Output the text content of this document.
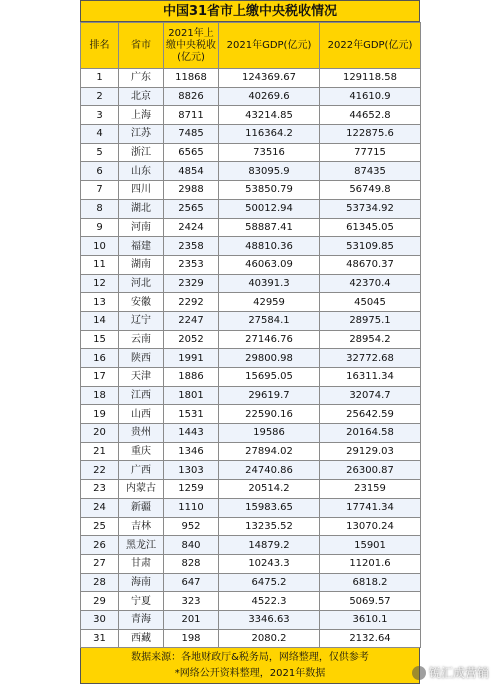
中国31省市上缴中央税收情况
排名	省市	2021年上缴中央税收(亿元)	2021年GDP(亿元)	2022年GDP(亿元)
1	广东	11868	124369.67	129118.58
2	北京	8826	40269.6	41610.9
3	上海	8711	43214.85	44652.8
4	江苏	7485	116364.2	122875.6
5	浙江	6565	73516	77715
6	山东	4854	83095.9	87435
7	四川	2988	53850.79	56749.8
8	湖北	2565	50012.94	53734.92
9	河南	2424	58887.41	61345.05
10	福建	2358	48810.36	53109.85
11	湖南	2353	46063.09	48670.37
12	河北	2329	40391.3	42370.4
13	安徽	2292	42959	45045
14	辽宁	2247	27584.1	28975.1
15	云南	2052	27146.76	28954.2
16	陕西	1991	29800.98	32772.68
17	天津	1886	15695.05	16311.34
18	江西	1801	29619.7	32074.7
19	山西	1531	22590.16	25642.59
20	贵州	1443	19586	20164.58
21	重庆	1346	27894.02	29129.03
22	广西	1303	24740.86	26300.87
23	内蒙古	1259	20514.2	23159
24	新疆	1110	15983.65	17741.34
25	吉林	952	13235.52	13070.24
26	黑龙江	840	14879.2	15901
27	甘肃	828	10243.3	11201.6
28	海南	647	6475.2	6818.2
29	宁夏	323	4522.3	5069.57
30	青海	201	3346.63	3610.1
31	西藏	198	2080.2	2132.64
数据来源：各地财政厅&税务局，网络整理，仅供参考
*网络公开资料整理，2021年数据	锐汇成营销
